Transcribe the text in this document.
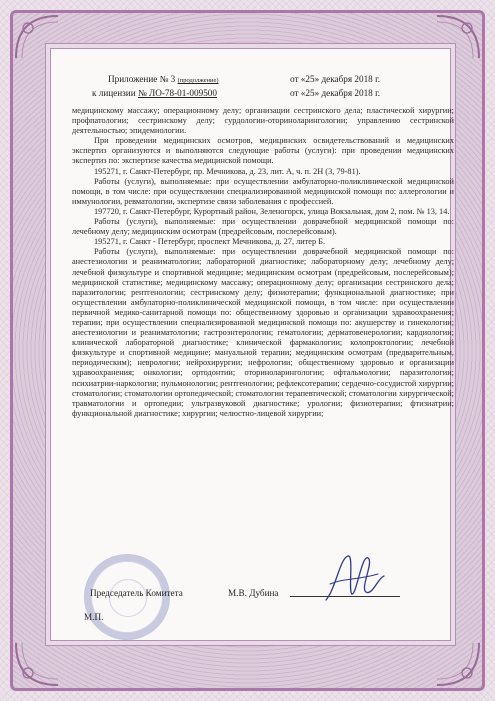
Приложение № 3 (продолжение)	от «25» декабря 2018 г.
к лицензии № ЛО-78-01-009500	от «25» декабря 2018 г.

медицинскому массажу; операционному делу; организации сестринского дела; пластической хирургии; профпатологии; сестринскому делу; сурдологии-оториноларингологии; управлению сестринской деятельностью; эпидемиологии.

При проведении медицинских осмотров, медицинских освидетельствований и медицинских экспертиз организуются и выполняются следующие работы (услуги): при проведении медицинских экспертиз по: экспертизе качества медицинской помощи.

195271, г. Санкт-Петербург, пр. Мечникова, д. 23, лит. А, ч. п. 2Н (3, 79-81).

Работы (услуги), выполняемые: при осуществлении амбулаторно-поликлинической медицинской помощи, в том числе: при осуществлении специализированной медицинской помощи по: аллергологии и иммунологии, ревматологии, экспертизе связи заболевания с профессией.

197720, г. Санкт-Петербург, Курортный район, Зеленогорск, улица Вокзальная, дом 2, пом. № 13, 14.

Работы (услуги), выполняемые: при осуществлении доврачебной медицинской помощи по: лечебному делу; медицинским осмотрам (предрейсовым, послерейсовым).

195271, г. Санкт - Петербург, проспект Мечникова, д. 27, литер Б.

Работы (услуги), выполняемые: при осуществлении доврачебной медицинской помощи по: анестезиологии и реаниматологии; лабораторной диагностике; лабораторному делу; лечебному делу; лечебной физкультуре и спортивной медицине; медицинским осмотрам (предрейсовым, послерейсовым); медицинской статистике; медицинскому массажу; операционному делу; организации сестринского дела; паразитологии; рентгенологии; сестринскому делу; физиотерапии; функциональной диагностике; при осуществлении амбулаторно-поликлинической медицинской помощи, в том числе: при осуществлении первичной медико-санитарной помощи по: общественному здоровью и организации здравоохранения; терапии; при осуществлении специализированной медицинской помощи по: акушерству и гинекологии; анестезиологии и реаниматологии; гастроэнтерологии; гематологии; дерматовенерологии; кардиологии; клинической лабораторной диагностике; клинической фармакологии; колопроктологии; лечебной физкультуре и спортивной медицине; мануальной терапии; медицинским осмотрам (предварительным, периодическим); неврологии; нейрохирургии; нефрологии; общественному здоровью и организации здравоохранения; онкологии; ортодонтии; оториноларингологии; офтальмологии; паразитологии; психиатрии-наркологии; пульмонологии; рентгенологии; рефлексотерапии; сердечно-сосудистой хирургии; стоматологии; стоматологии ортопедической; стоматологии терапевтической; стоматологии хирургической; травматологии и ортопедии; ультразвуковой диагностике; урологии; физиотерапии; фтизиатрии; функциональной диагностике; хирургии; челюстно-лицевой хирургии;

Председатель Комитета	М.В. Дубина
М.П.
